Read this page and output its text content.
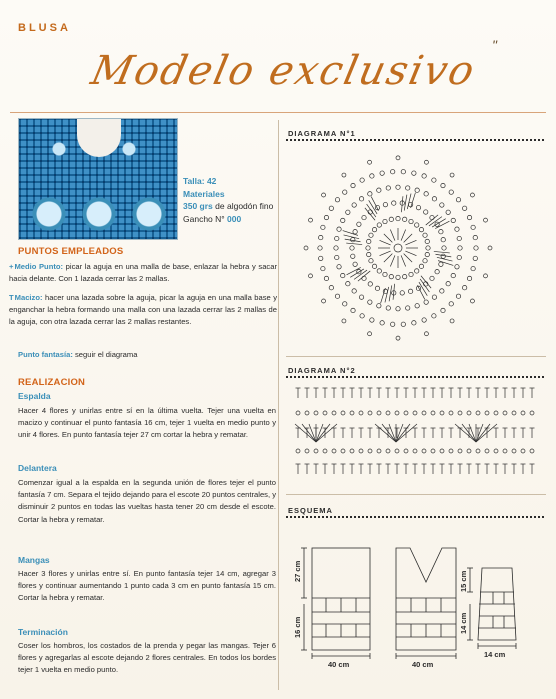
BLUSA
Modelo exclusivo
"
Talla: 42
Materiales
350 grs de algodón fino
Gancho N° 000
PUNTOS EMPLEADOS
+Medio Punto: picar la aguja en una malla de base, enlazar la hebra y sacar hacia delante. Con 1 lazada cerrar las 2 mallas.
TMacizo: hacer una lazada sobre la aguja, picar la aguja en una malla base y enganchar la hebra formando una malla con una lazada cerrar las 2 mallas de la aguja, con otra lazada cerrar las 2 mallas restantes.
Punto fantasía: seguir el diagrama
REALIZACION
Espalda
Hacer 4 flores y unirlas entre sí en la última vuelta. Tejer una vuelta en macizo y continuar el punto fantasía 16 cm, tejer 1 vuelta en medio punto y unir 4 flores. En punto fantasía tejer 27 cm cortar la hebra y rematar.
Delantera
Comenzar igual a la espalda en la segunda unión de flores tejer el punto fantasía 7 cm. Separa el tejido dejando para el escote 20 puntos centrales, y disminuir 2 puntos en todas las vueltas hasta tener 20 cm desde el escote. Cortar la hebra y rematar.
Mangas
Hacer 3 flores y unirlas entre sí. En punto fantasía tejer 14 cm, agregar 3 flores y continuar aumentando 1 punto cada 3 cm en punto fantasía 15 cm. Cortar la hebra y rematar.
Terminación
Coser los hombros, los costados de la prenda y pegar las mangas. Tejer 6 flores y agregarlas al escote dejando 2 flores centrales. En todos los bordes tejer 1 vuelta en medio punto.
DIAGRAMA N°1
DIAGRAMA N°2
ESQUEMA
27 cm
16 cm
40 cm	40 cm
15 cm
14 cm
14 cm
